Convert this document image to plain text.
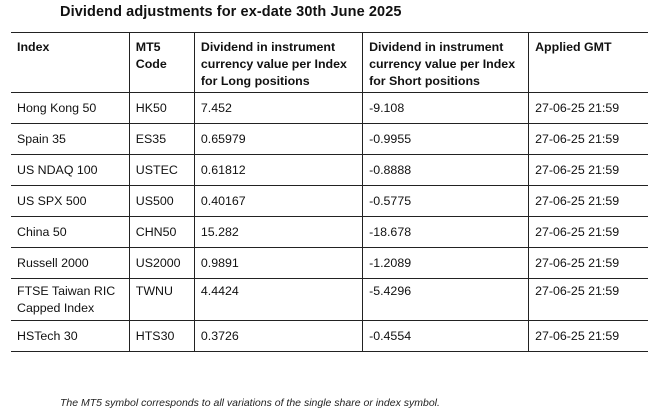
Dividend adjustments for ex-date 30th June 2025
Index	MT5 Code	Dividend in instrument currency value per Index for Long positions	Dividend in instrument currency value per Index for Short positions	Applied GMT
Hong Kong 50	HK50	7.452	-9.108	27-06-25 21:59
Spain 35	ES35	0.65979	-0.9955	27-06-25 21:59
US NDAQ 100	USTEC	0.61812	-0.8888	27-06-25 21:59
US SPX 500	US500	0.40167	-0.5775	27-06-25 21:59
China 50	CHN50	15.282	-18.678	27-06-25 21:59
Russell 2000	US2000	0.9891	-1.2089	27-06-25 21:59
FTSE Taiwan RIC Capped Index	TWNU	4.4424	-5.4296	27-06-25 21:59
HSTech 30	HTS30	0.3726	-0.4554	27-06-25 21:59
The MT5 symbol corresponds to all variations of the single share or index symbol.
